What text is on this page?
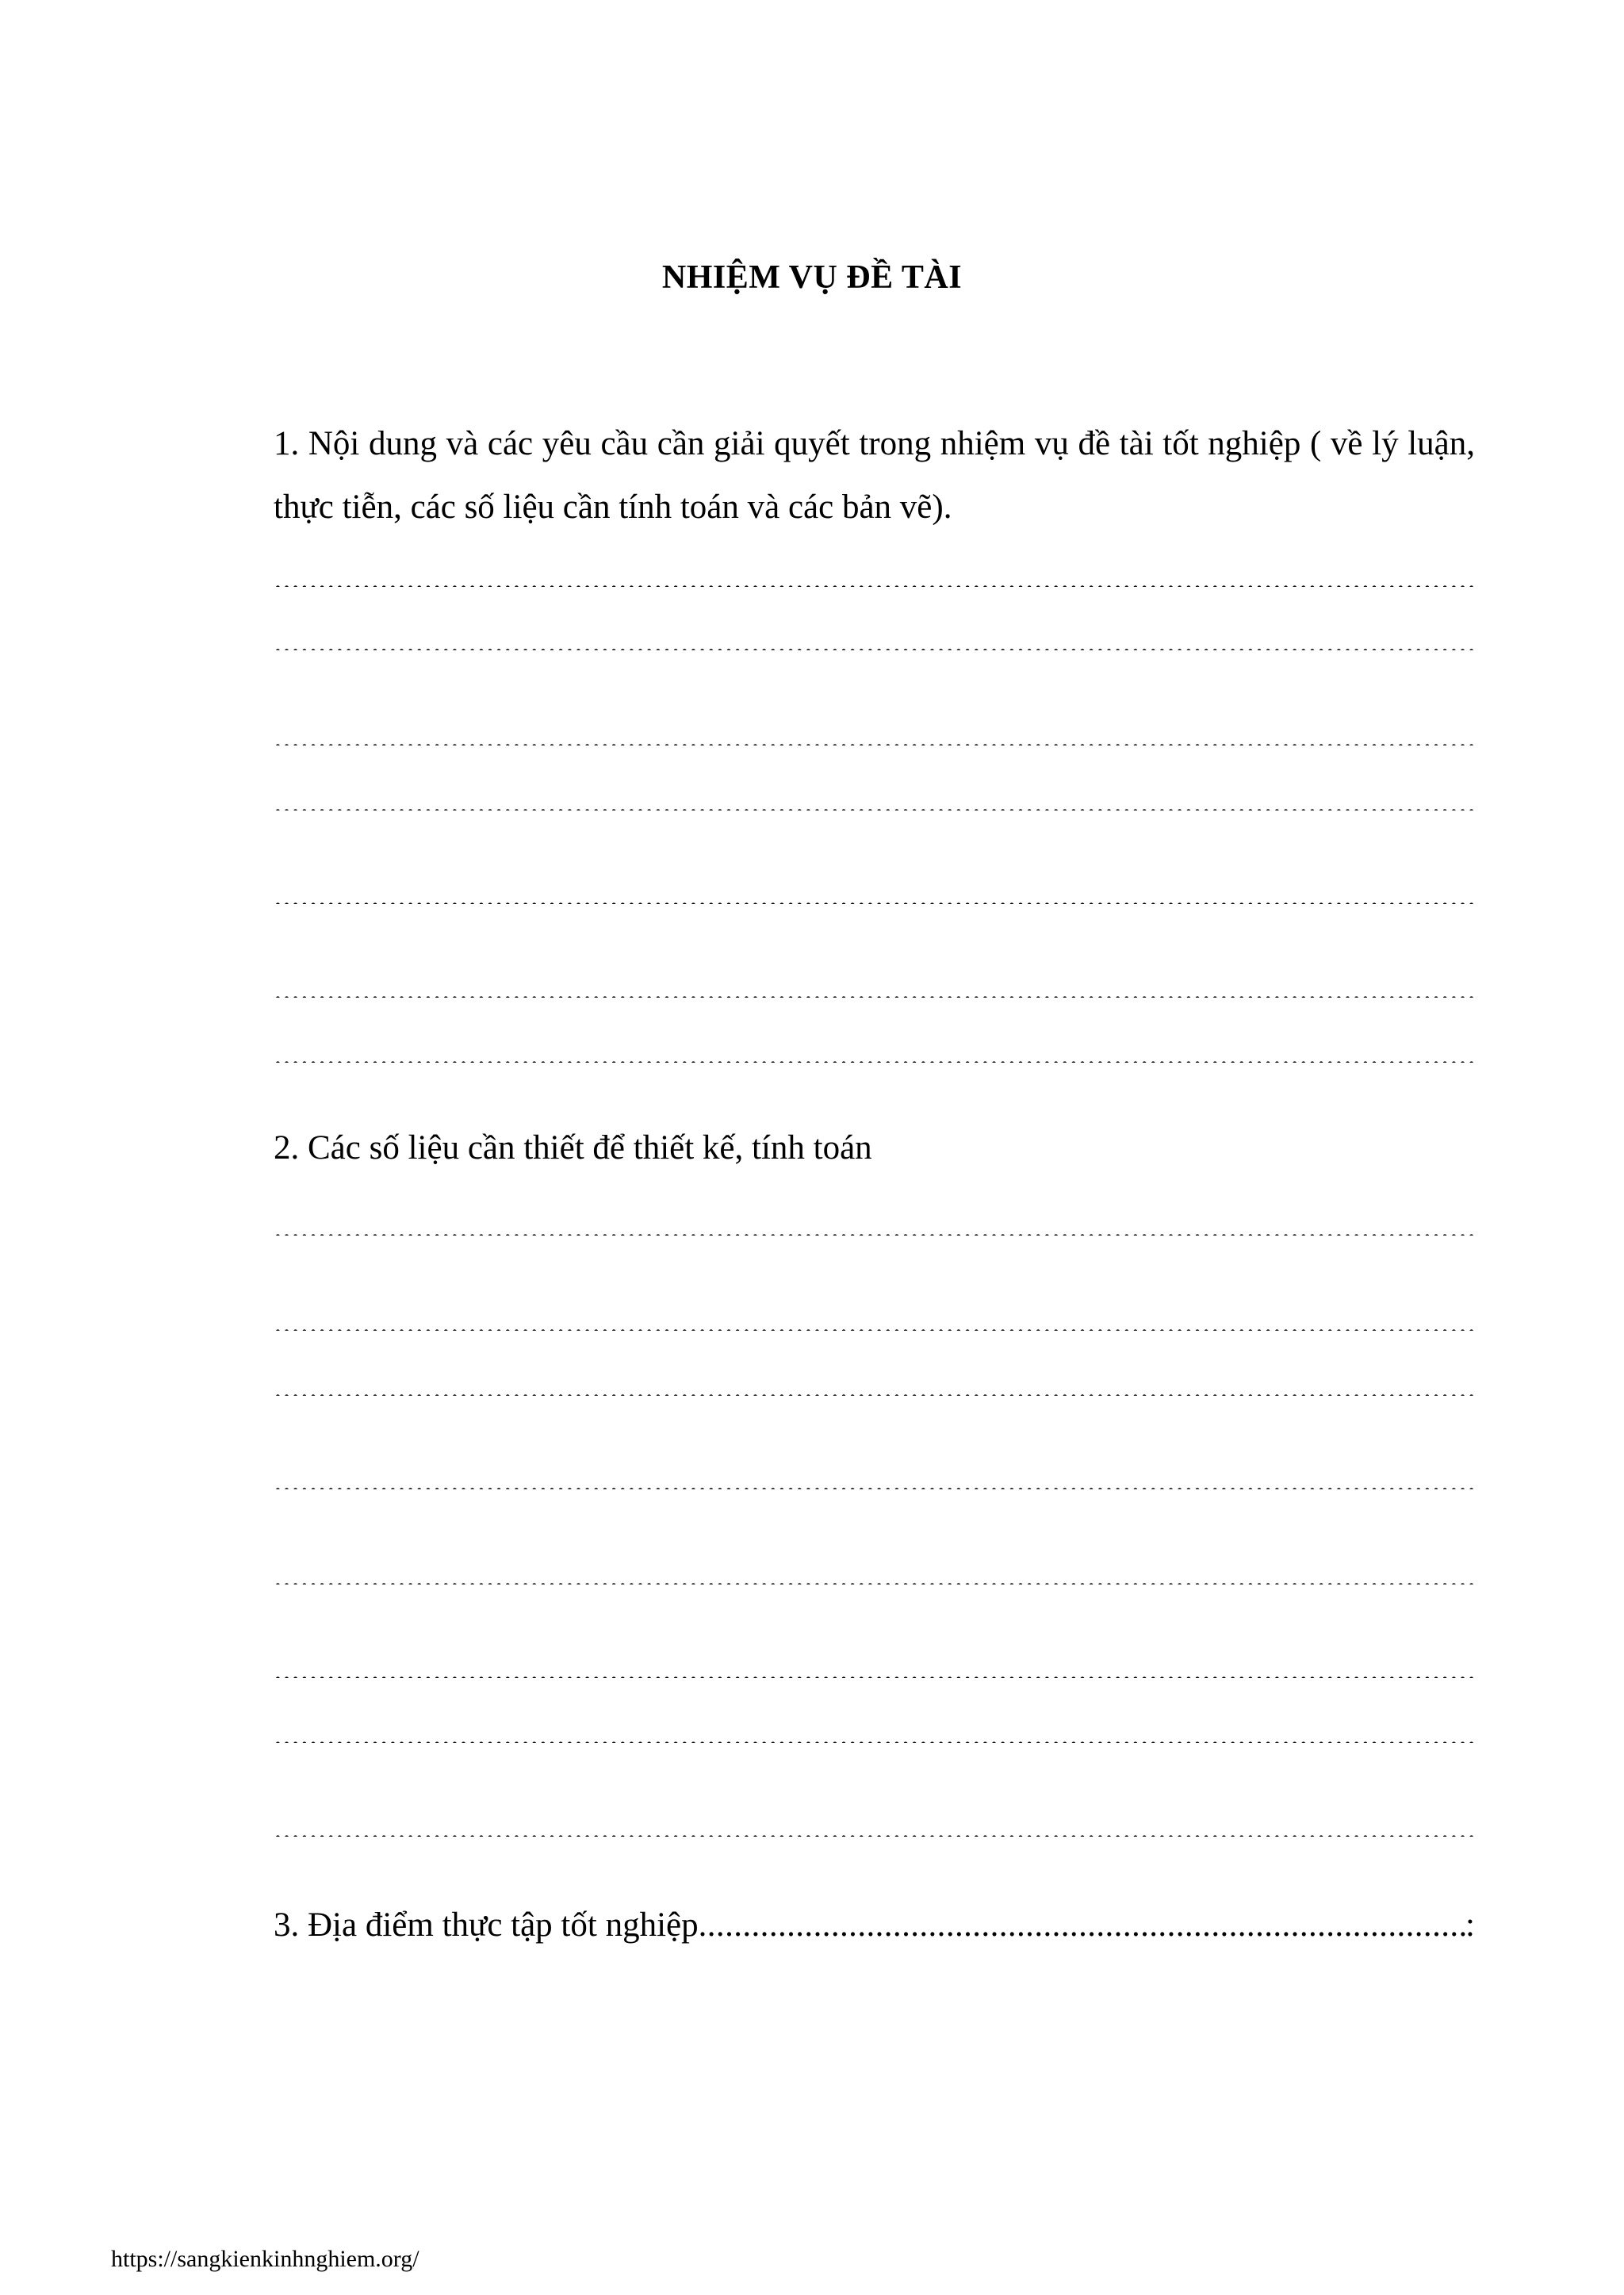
NHIỆM VỤ ĐỀ TÀI
1. Nội dung và các yêu cầu cần giải quyết trong nhiệm vụ đề tài tốt nghiệp ( về lý luận, thực tiễn, các số liệu cần tính toán và các bản vẽ).
.....
.....
.....
.....
.....
.....
.....
2. Các số liệu cần thiết để thiết kế, tính toán
.....
.....
.....
.....
.....
.....
.....
.....
3. Địa điểm thực tập tốt nghiệp
.....	:
https://sangkienkinhnghiem.org/
